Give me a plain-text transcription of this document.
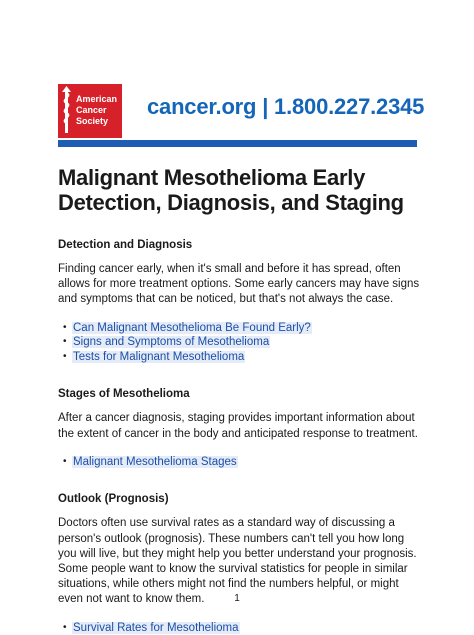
American
Cancer
Society
cancer.org | 1.800.227.2345
Malignant Mesothelioma Early Detection, Diagnosis, and Staging
Detection and Diagnosis

Finding cancer early, when it's small and before it has spread, often allows for more treatment options. Some early cancers may have signs and symptoms that can be noticed, but that's not always the case.

• Can Malignant Mesothelioma Be Found Early?
• Signs and Symptoms of Mesothelioma
• Tests for Malignant Mesothelioma
Stages of Mesothelioma

After a cancer diagnosis, staging provides important information about the extent of cancer in the body and anticipated response to treatment.

• Malignant Mesothelioma Stages
Outlook (Prognosis)

Doctors often use survival rates as a standard way of discussing a person's outlook (prognosis). These numbers can't tell you how long you will live, but they might help you better understand your prognosis. Some people want to know the survival statistics for people in similar situations, while others might not find the numbers helpful, or might even not want to know them.

• Survival Rates for Mesothelioma
1
